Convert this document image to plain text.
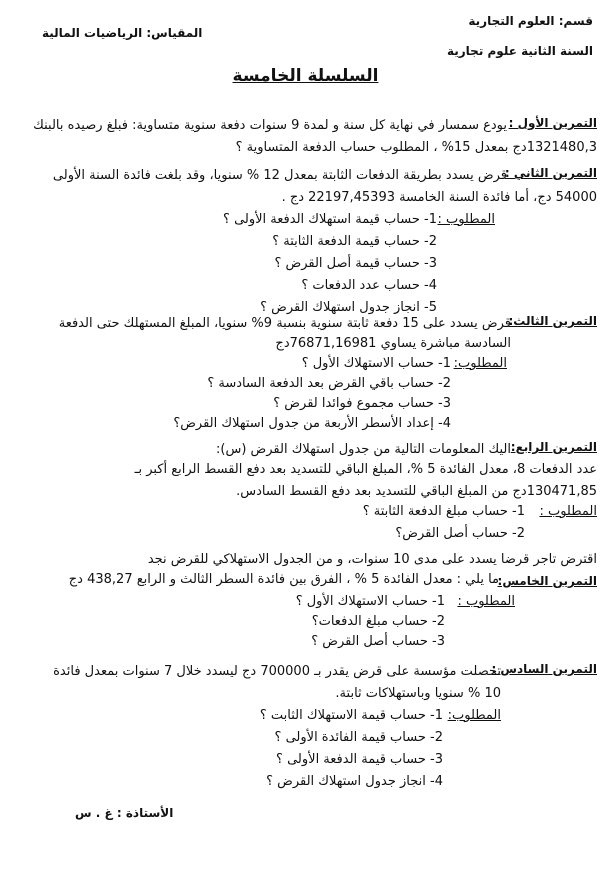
قسم: العلوم التجارية
السنة الثانية علوم تجارية
المقياس: الرياضيات المالية
السلسلة الخامسة
التمرين الأول :
يودع سمسار في نهاية كل سنة و لمدة 9 سنوات دفعة سنوية متساوية: فبلغ رصيده بالبنك
1321480,3دج بمعدل 15% ، المطلوب حساب الدفعة المتساوية ؟
التمرين الثاني :
قرض يسدد بطريقة الدفعات الثابتة بمعدل 12 % سنويا، وقد بلغت فائدة السنة الأولى
54000 دج، أما فائدة السنة الخامسة 22197,45393 دج .
المطلوب :
1- حساب قيمة استهلاك الدفعة الأولى ؟
2- حساب قيمة الدفعة الثابتة ؟
3- حساب قيمة أصل القرض ؟
4- حساب عدد الدفعات ؟
5- انجاز جدول استهلاك القرض ؟
التمرين الثالث:
قرض يسدد على 15 دفعة ثابتة سنوية بنسبة 9% سنويا، المبلغ المستهلك حتى الدفعة
السادسة مباشرة يساوي 76871,16981دج
المطلوب:
1- حساب الاستهلاك الأول ؟
2- حساب باقي القرض بعد الدفعة السادسة ؟
3- حساب مجموع فوائدا لقرض ؟
4- إعداد الأسطر الأربعة من جدول استهلاك القرض؟
التمرين الرابع:
اليك المعلومات التالية من جدول استهلاك القرض (س):
عدد الدفعات 8، معدل الفائدة 5 %، المبلغ الباقي للتسديد بعد دفع القسط الرابع أكبر بـ
130471,85دج من المبلغ الباقي للتسديد بعد دفع القسط السادس.
المطلوب :
1- حساب مبلغ الدفعة الثابتة ؟
2- حساب أصل القرض؟
اقترض تاجر قرضا يسدد على مدى 10 سنوات، و من الجدول الاستهلاكي للقرض نجد
التمرين الخامس:
ما يلي : معدل الفائدة 5 % ، الفرق بين فائدة السطر الثالث و الرابع 438,27 دج
المطلوب :
1- حساب الاستهلاك الأول ؟
2- حساب مبلغ الدفعات؟
3- حساب أصل القرض ؟
التمرين السادس :
تحصلت مؤسسة على قرض يقدر بـ 700000 دج ليسدد خلال 7 سنوات بمعدل فائدة
10 % سنويا وباستهلاكات ثابتة.
المطلوب:
1- حساب قيمة الاستهلاك الثابت ؟
2- حساب قيمة الفائدة الأولى ؟
3- حساب قيمة الدفعة الأولى ؟
4- انجاز جدول استهلاك القرض ؟
الأستاذة : غ . س
